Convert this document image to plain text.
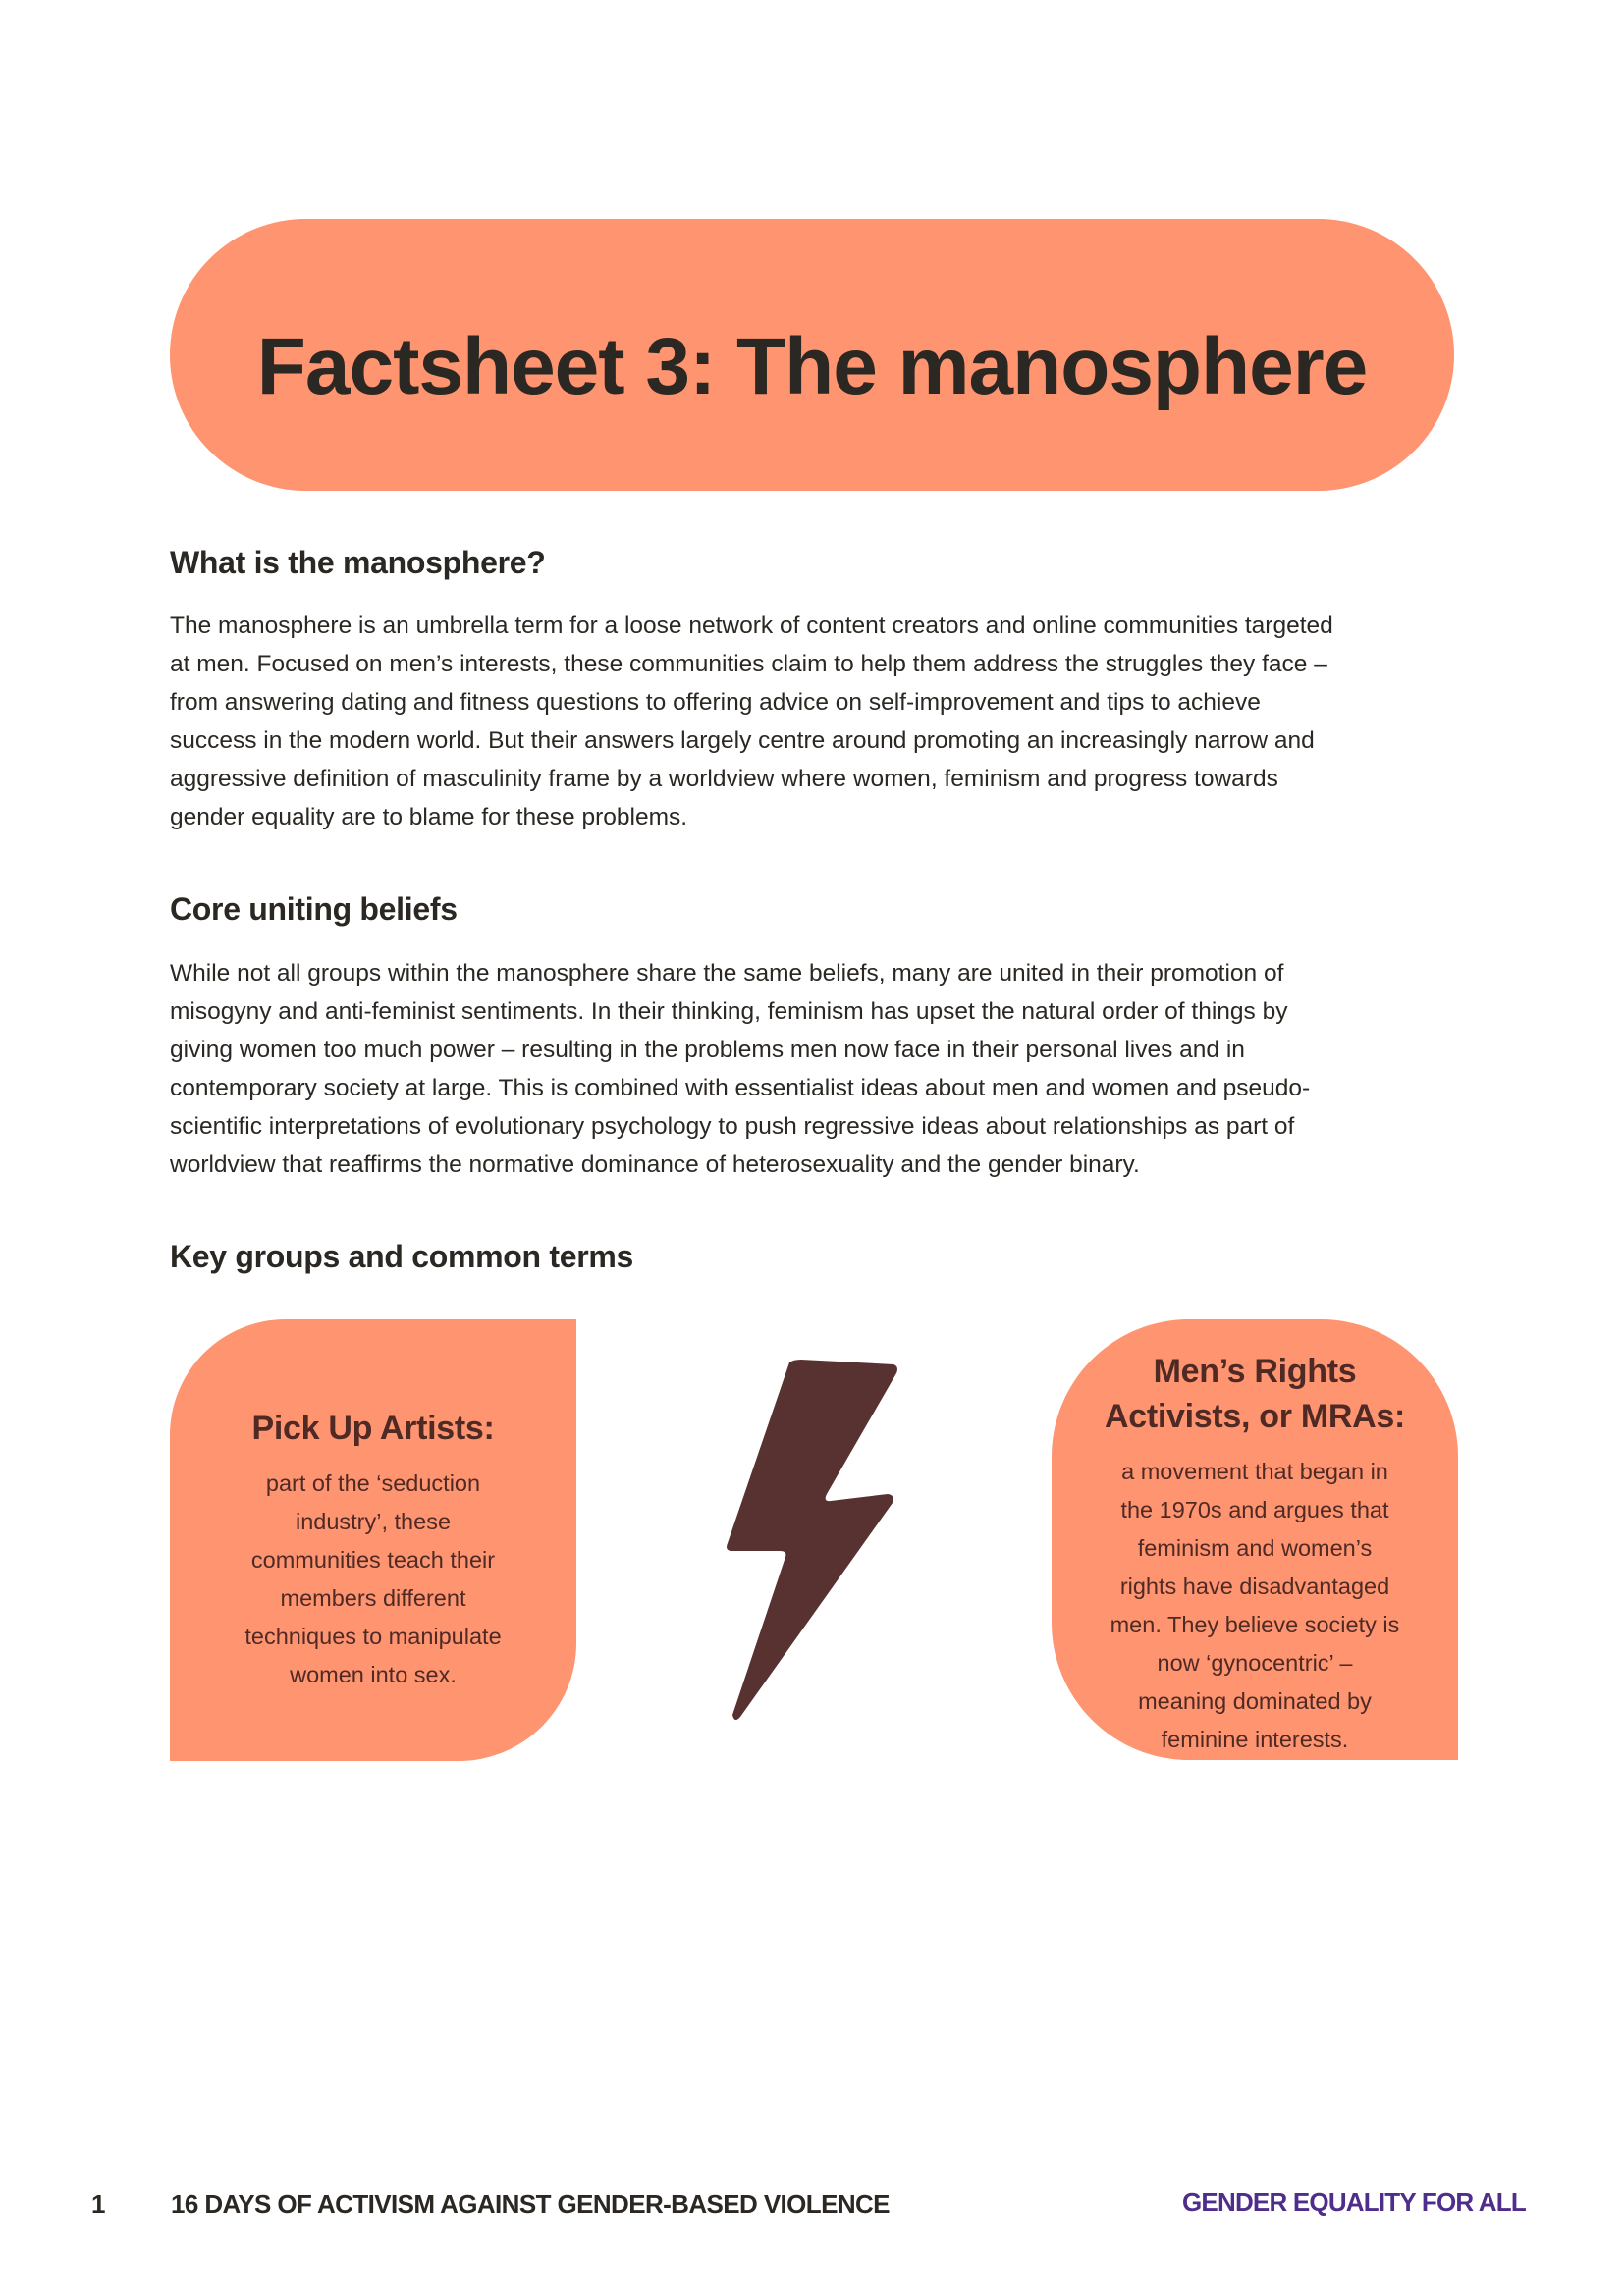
Factsheet 3: The manosphere
What is the manosphere?

The manosphere is an umbrella term for a loose network of content creators and online communities targeted
at men. Focused on men’s interests, these communities claim to help them address the struggles they face –
from answering dating and fitness questions to offering advice on self-improvement and tips to achieve
success in the modern world. But their answers largely centre around promoting an increasingly narrow and
aggressive definition of masculinity frame by a worldview where women, feminism and progress towards
gender equality are to blame for these problems.

Core uniting beliefs

While not all groups within the manosphere share the same beliefs, many are united in their promotion of
misogyny and anti-feminist sentiments. In their thinking, feminism has upset the natural order of things by
giving women too much power – resulting in the problems men now face in their personal lives and in
contemporary society at large. This is combined with essentialist ideas about men and women and pseudo-
scientific interpretations of evolutionary psychology to push regressive ideas about relationships as part of
worldview that reaffirms the normative dominance of heterosexuality and the gender binary.

Key groups and common terms
Pick Up Artists:
part of the ‘seduction
industry’, these
communities teach their
members different
techniques to manipulate
women into sex.
Men’s Rights
Activists, or MRAs:
a movement that began in
the 1970s and argues that
feminism and women’s
rights have disadvantaged
men. They believe society is
now ‘gynocentric’ –
meaning dominated by
feminine interests.
1	16 DAYS OF ACTIVISM AGAINST GENDER-BASED VIOLENCE	GENDER EQUALITY FOR ALL
